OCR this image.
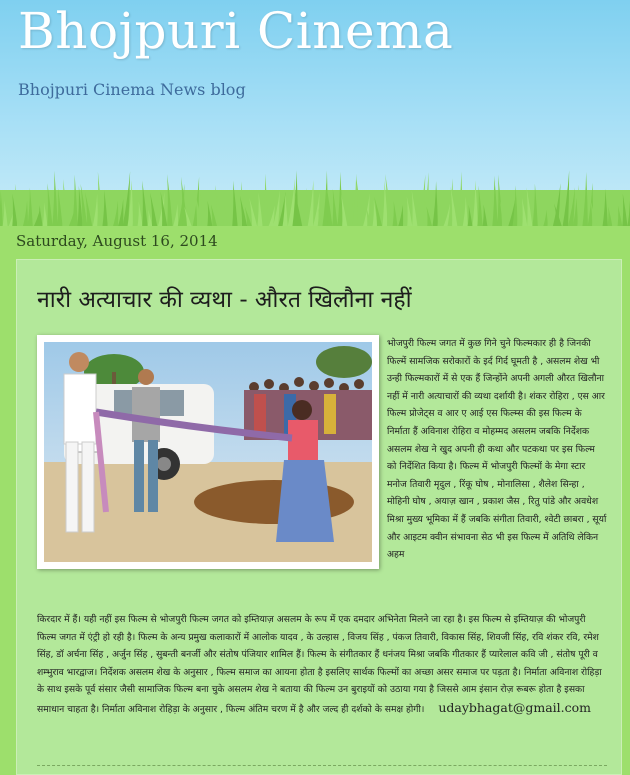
Bhojpuri Cinema

Bhojpuri Cinema News blog

Saturday, August 16, 2014
नारी अत्याचार की व्यथा - औरत खिलौना नहीं
भोजपुरी फिल्म जगत में कुछ गिने चुने फिल्मकार ही है जिनकी फिल्में सामजिक सरोकारों के इर्द गिर्द घूमती है , असलम शेख भी उन्ही फिल्मकारों में से एक हैं जिन्होंने अपनी अगली औरत खिलौना नहीं में नारी अत्याचारों की व्यथा दर्शायी है। शंकर रोहिरा , एस आर फिल्म प्रोजेट्स व आर ए आई एस फिल्म्स की इस फिल्म के निर्माता हैं अविनाश रोहिरा व मोहम्मद असलम जबकि निर्देशक असलम शेख ने खुद अपनी ही कथा और पटकथा पर इस फिल्म को निर्देशित किया है। फिल्म में भोजपुरी फिल्मों के मेगा स्टार मनोज तिवारी मृदुल , रिंकू घोष , मोनालिसा , शैलेश सिन्हा , मोहिनी घोष , अयाज़ खान , प्रकाश जैस , रितु पांडे और अवधेश मिश्रा मुख्य भूमिका में हैं जबकि संगीता तिवारी, श्वेटी छाबरा , सूर्या और आइटम क्वीन संभावना सेठ भी इस फिल्म में अतिथि लेकिन अहम
किरदार में हैं। यही नहीं इस फिल्म से भोजपुरी फिल्म जगत को इम्तियाज़ असलम के रूप में एक दमदार अभिनेता मिलने जा रहा है। इस फिल्म से इम्तियाज़ की भोजपुरी फिल्म जगत में एंट्री हो रही है। फिल्म के अन्य प्रमुख कलाकारों में आलोक यादव , के उल्हास , विजय सिंह , पंकज तिवारी, विकास सिंह, शिवजी सिंह, रवि शंकर रवि, रमेश सिंह, डॉ अर्चना सिंह , अर्जुन सिंह , सुबन्ती बनर्जी और संतोष पंजियार शामिल हैं। फिल्म के संगीतकार हैं धनंजय मिश्रा जबकि गीतकार हैं प्यारेलाल कवि जी , संतोष पूरी व शम्भुराव भारद्वाज। निर्देशक असलम शेख के अनुसार , फिल्म समाज का आयना होता है इसलिए सार्थक फिल्मों का अच्छा असर समाज पर पड़ता है। निर्माता अविनाश रोहिड़ा के साथ इसके पूर्व संसार जैसी सामाजिक फिल्म बना चुके असलम शेख ने बताया की फिल्म उन बुराइयों को उठाया गया है जिससे आम इंसान रोज़ रूबरू होता है इसका समाधान चाहता है। निर्माता अविनाश रोहिड़ा के अनुसार , फिल्म अंतिम चरण में है और जल्द ही दर्शको के समक्ष होगी। udaybhagat@gmail.com
